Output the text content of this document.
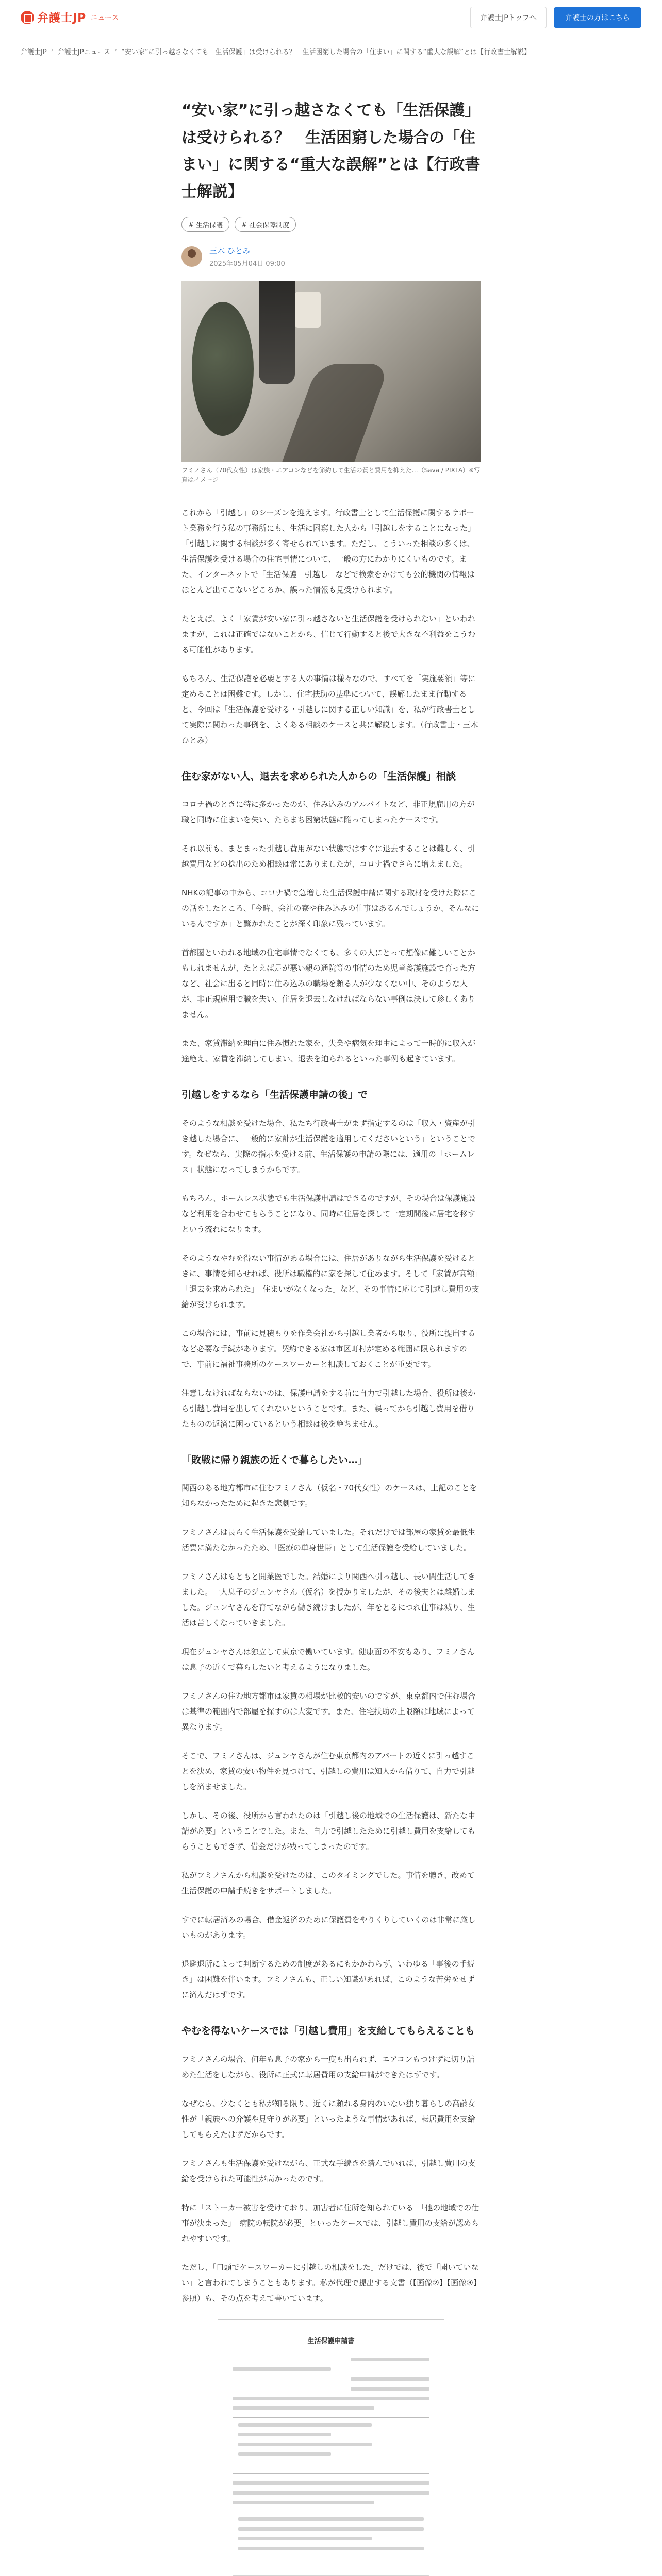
弁護士JP ニュース	弁護士JPトップへ	弁護士の方はこちら
弁護士JP › 弁護士JPニュース › “安い家”に引っ越さなくても「生活保護」は受けられる？　生活困窮した場合の「住まい」に関する“重大な誤解”とは【行政書士解説】
“安い家”に引っ越さなくても「生活保護」は受けられる？　生活困窮した場合の「住まい」に関する“重大な誤解”とは【行政書士解説】
# 生活保護	# 社会保障制度
三木 ひとみ
2025年05月04日 09:00
フミノさん（70代女性）は家族・エアコンなどを節約して生活の質と費用を抑えた…（Sava / PIXTA）※写真はイメージ

これから「引越し」のシーズンを迎えます。行政書士として生活保護に関するサポート業務を行う私の事務所にも、生活に困窮した人から「引越しをすることになった」「引越しに関する相談が多く寄せられています。ただし、こういった相談の多くは、生活保護を受ける場合の住宅事情について、一般の方にわかりにくいものです。また、インターネットで「生活保護　引越し」などで検索をかけても公的機関の情報はほとんど出てこないどころか、誤った情報も見受けられます。

たとえば、よく「家賃が安い家に引っ越さないと生活保護を受けられない」といわれますが、これは正確ではないことから、信じて行動すると後で大きな不利益をこうむる可能性があります。

もちろん、生活保護を必要とする人の事情は様々なので、すべてを「実施要領」等に定めることは困難です。しかし、住宅扶助の基準について、誤解したまま行動すると、今回は「生活保護を受ける・引越しに関する正しい知識」を、私が行政書士として実際に関わった事例を、よくある相談のケースと共に解説します。（行政書士・三木ひとみ）

住む家がない人、退去を求められた人からの「生活保護」相談

コロナ禍のときに特に多かったのが、住み込みのアルバイトなど、非正規雇用の方が職と同時に住まいを失い、たちまち困窮状態に陥ってしまったケースです。

それ以前も、まとまった引越し費用がない状態ではすぐに退去することは難しく、引越費用などの捻出のため相談は常にありましたが、コロナ禍でさらに増えました。

NHKの記事の中から、コロナ禍で急増した生活保護申請に関する取材を受けた際にこの話をしたところ、「今時、会社の寮や住み込みの仕事はあるんでしょうか、そんなにいるんですか」と驚かれたことが深く印象に残っています。

首都圏といわれる地域の住宅事情でなくても、多くの人にとって想像に難しいことかもしれませんが、たとえば足が悪い親の通院等の事情のため児童養護施設で育った方など、社会に出ると同時に住み込みの職場を頼る人が少なくない中、そのような人が、非正規雇用で職を失い、住居を退去しなければならない事例は決して珍しくありません。

また、家賃滞納を理由に住み慣れた家を、失業や病気を理由によって一時的に収入が途絶え、家賃を滞納してしまい、退去を迫られるといった事例も起きています。

引越しをするなら「生活保護申請の後」で

そのような相談を受けた場合、私たち行政書士がまず指定するのは「収入・資産が引き越した場合に、一般的に家計が生活保護を適用してくださいという」ということです。なぜなら、実際の指示を受ける前、生活保護の申請の際には、適用の「ホームレス」状態になってしまうからです。

もちろん、ホームレス状態でも生活保護申請はできるのですが、その場合は保護施設など利用を合わせてもらうことになり、同時に住居を探して一定期間後に居宅を移すという流れになります。

そのようなやむを得ない事情がある場合には、住居がありながら生活保護を受けるときに、事情を知らせれば、役所は職権的に家を探して住めます。そして「家賃が高額」「退去を求められた」「住まいがなくなった」など、その事情に応じて引越し費用の支給が受けられます。

この場合には、事前に見積もりを作業会社から引越し業者から取り、役所に提出するなど必要な手続があります。契約できる家は市区町村が定める範囲に限られますので、事前に福祉事務所のケースワーカーと相談しておくことが重要です。

注意しなければならないのは、保護申請をする前に自力で引越した場合、役所は後から引越し費用を出してくれないということです。また、誤ってから引越し費用を借りたものの返済に困っているという相談は後を絶ちません。

「敗戦に帰り親族の近くで暮らしたい…」

関西のある地方都市に住むフミノさん（仮名・70代女性）のケースは、上記のことを知らなかったために起きた悲劇です。

フミノさんは長らく生活保護を受給していました。それだけでは部屋の家賃を最低生活費に満たなかったため、「医療の単身世帯」として生活保護を受給していました。

フミノさんはもともと開業医でした。結婚により関西へ引っ越し、長い間生活してきました。一人息子のジュンヤさん（仮名）を授かりましたが、その後夫とは離婚しました。ジュンヤさんを育てながら働き続けましたが、年をとるにつれ仕事は減り、生活は苦しくなっていきました。

現在ジュンヤさんは独立して東京で働いています。健康面の不安もあり、フミノさんは息子の近くで暮らしたいと考えるようになりました。

フミノさんの住む地方都市は家賃の相場が比較的安いのですが、東京都内で住む場合は基準の範囲内で部屋を探すのは大変です。また、住宅扶助の上限額は地域によって異なります。

そこで、フミノさんは、ジュンヤさんが住む東京都内のアパートの近くに引っ越すことを決め、家賃の安い物件を見つけて、引越しの費用は知人から借りて、自力で引越しを済ませました。

しかし、その後、役所から言われたのは「引越し後の地域での生活保護は、新たな申請が必要」ということでした。また、自力で引越したために引越し費用を支給してもらうこともできず、借金だけが残ってしまったのです。

私がフミノさんから相談を受けたのは、このタイミングでした。事情を聴き、改めて生活保護の申請手続きをサポートしました。

すでに転居済みの場合、借金返済のために保護費をやりくりしていくのは非常に厳しいものがあります。

退避退所によって判断するための制度があるにもかかわらず、いわゆる「事後の手続き」は困難を伴います。フミノさんも、正しい知識があれば、このような苦労をせずに済んだはずです。

やむを得ないケースでは「引越し費用」を支給してもらえることも

フミノさんの場合、何年も息子の家から一度も出られず、エアコンもつけずに切り詰めた生活をしながら、役所に正式に転居費用の支給申請ができたはずです。

なぜなら、少なくとも私が知る限り、近くに頼れる身内のいない独り暮らしの高齢女性が「親族への介護や見守りが必要」といったような事情があれば、転居費用を支給してもらえたはずだからです。

フミノさんも生活保護を受けながら、正式な手続きを踏んでいれば、引越し費用の支給を受けられた可能性が高かったのです。

特に「ストーカー被害を受けており、加害者に住所を知られている」「他の地域での仕事が決まった」「病院の転院が必要」といったケースでは、引越し費用の支給が認められやすいです。

ただし、「口頭でケースワーカーに引越しの相談をした」だけでは、後で「聞いていない」と言われてしまうこともあります。私が代理で提出する文書（【画像②】【画像③】参照）も、その点を考えて書いています。

生活保護申請書
